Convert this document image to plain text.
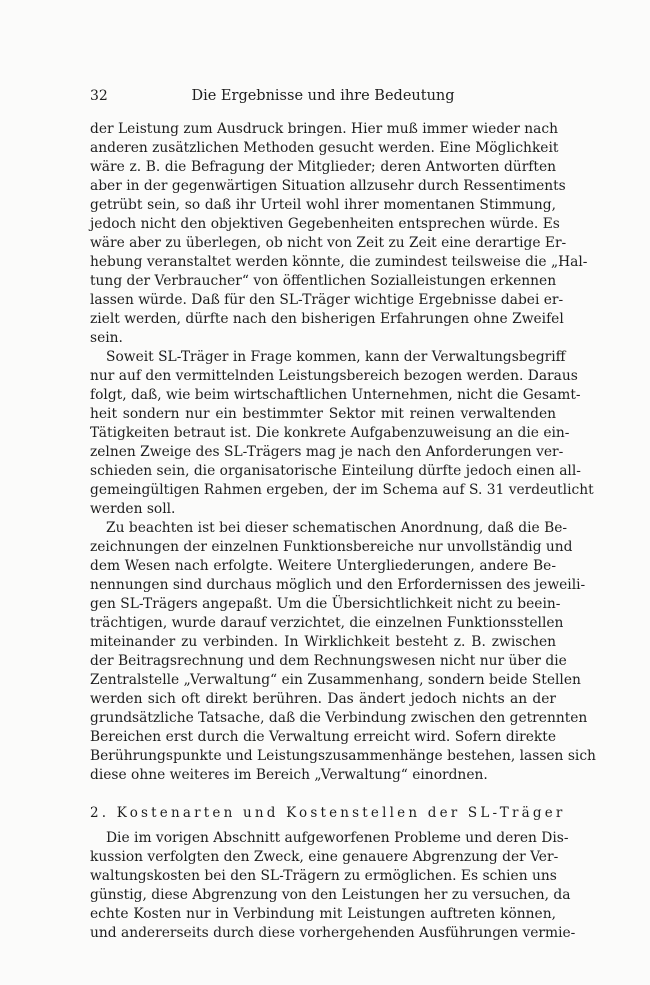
32	Die Ergebnisse und ihre Bedeutung
der Leistung zum Ausdruck bringen. Hier muß immer wieder nach
anderen zusätzlichen Methoden gesucht werden. Eine Möglichkeit
wäre z. B. die Befragung der Mitglieder; deren Antworten dürften
aber in der gegenwärtigen Situation allzusehr durch Ressentiments
getrübt sein, so daß ihr Urteil wohl ihrer momentanen Stimmung,
jedoch nicht den objektiven Gegebenheiten entsprechen würde. Es
wäre aber zu überlegen, ob nicht von Zeit zu Zeit eine derartige Er-
hebung veranstaltet werden könnte, die zumindest teilsweise die „Hal-
tung der Verbraucher“ von öffentlichen Sozialleistungen erkennen
lassen würde. Daß für den SL-Träger wichtige Ergebnisse dabei er-
zielt werden, dürfte nach den bisherigen Erfahrungen ohne Zweifel
sein.
Soweit SL-Träger in Frage kommen, kann der Verwaltungsbegriff
nur auf den vermittelnden Leistungsbereich bezogen werden. Daraus
folgt, daß, wie beim wirtschaftlichen Unternehmen, nicht die Gesamt-
heit sondern nur ein bestimmter Sektor mit reinen verwaltenden
Tätigkeiten betraut ist. Die konkrete Aufgabenzuweisung an die ein-
zelnen Zweige des SL-Trägers mag je nach den Anforderungen ver-
schieden sein, die organisatorische Einteilung dürfte jedoch einen all-
gemeingültigen Rahmen ergeben, der im Schema auf S. 31 verdeutlicht
werden soll.
Zu beachten ist bei dieser schematischen Anordnung, daß die Be-
zeichnungen der einzelnen Funktionsbereiche nur unvollständig und
dem Wesen nach erfolgte. Weitere Untergliederungen, andere Be-
nennungen sind durchaus möglich und den Erfordernissen des jeweili-
gen SL-Trägers angepaßt. Um die Übersichtlichkeit nicht zu beein-
trächtigen, wurde darauf verzichtet, die einzelnen Funktionsstellen
miteinander zu verbinden. In Wirklichkeit besteht z. B. zwischen
der Beitragsrechnung und dem Rechnungswesen nicht nur über die
Zentralstelle „Verwaltung“ ein Zusammenhang, sondern beide Stellen
werden sich oft direkt berühren. Das ändert jedoch nichts an der
grundsätzliche Tatsache, daß die Verbindung zwischen den getrennten
Bereichen erst durch die Verwaltung erreicht wird. Sofern direkte
Berührungspunkte und Leistungszusammenhänge bestehen, lassen sich
diese ohne weiteres im Bereich „Verwaltung“ einordnen.
2. Kostenarten und Kostenstellen der SL-Träger
Die im vorigen Abschnitt aufgeworfenen Probleme und deren Dis-
kussion verfolgten den Zweck, eine genauere Abgrenzung der Ver-
waltungskosten bei den SL-Trägern zu ermöglichen. Es schien uns
günstig, diese Abgrenzung von den Leistungen her zu versuchen, da
echte Kosten nur in Verbindung mit Leistungen auftreten können,
und andererseits durch diese vorhergehenden Ausführungen vermie-
